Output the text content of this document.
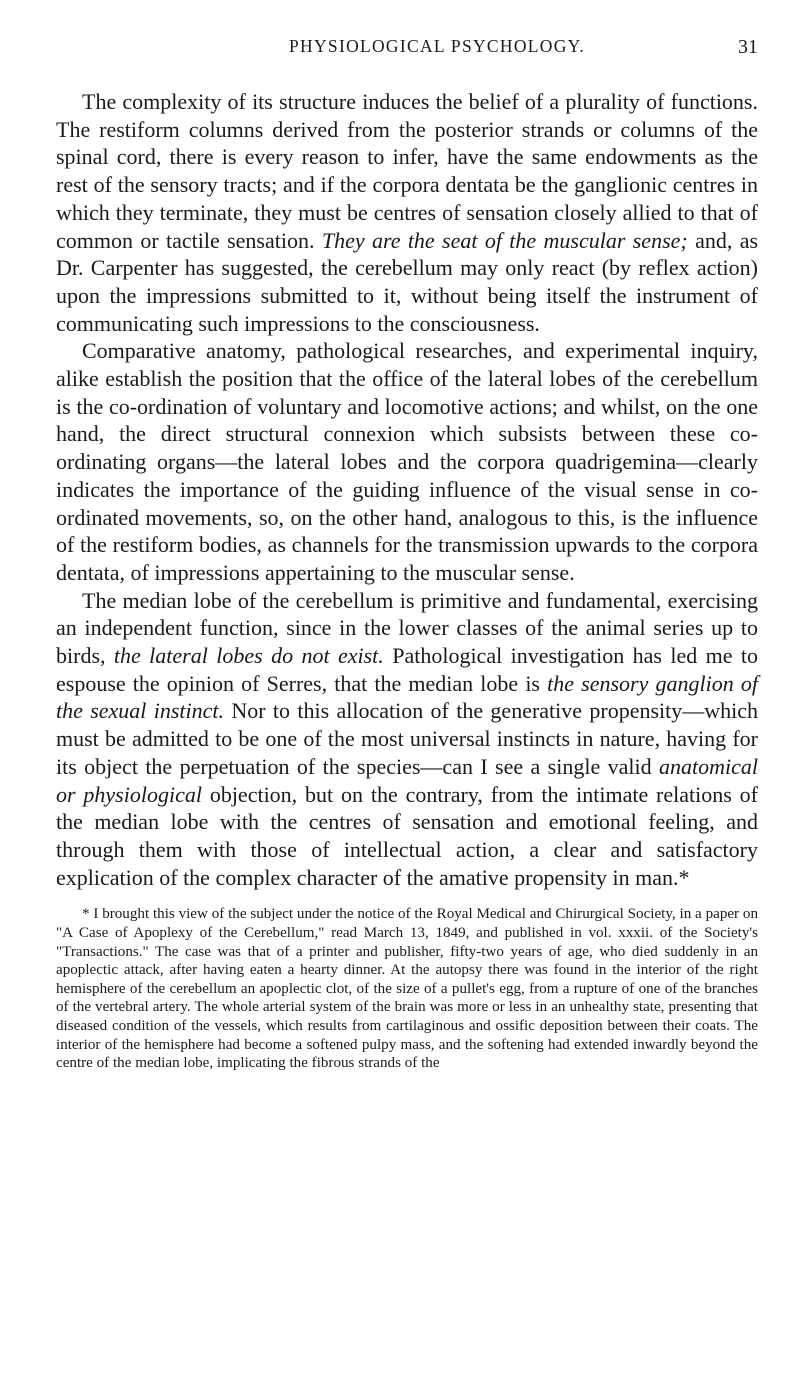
PHYSIOLOGICAL PSYCHOLOGY.	31

The complexity of its structure induces the belief of a plurality of functions. The restiform columns derived from the posterior strands or columns of the spinal cord, there is every reason to infer, have the same endowments as the rest of the sensory tracts; and if the corpora dentata be the ganglionic centres in which they terminate, they must be centres of sensation closely allied to that of common or tactile sensation. They are the seat of the muscular sense; and, as Dr. Carpenter has suggested, the cerebellum may only react (by reflex action) upon the impressions submitted to it, without being itself the instrument of communicating such impressions to the consciousness.

Comparative anatomy, pathological researches, and experimental inquiry, alike establish the position that the office of the lateral lobes of the cerebellum is the co-ordination of voluntary and locomotive actions; and whilst, on the one hand, the direct structural connexion which subsists between these co-ordinating organs—the lateral lobes and the corpora quadrigemina—clearly indicates the importance of the guiding influence of the visual sense in co-ordinated movements, so, on the other hand, analogous to this, is the influence of the restiform bodies, as channels for the transmission upwards to the corpora dentata, of impressions appertaining to the muscular sense.

The median lobe of the cerebellum is primitive and fundamental, exercising an independent function, since in the lower classes of the animal series up to birds, the lateral lobes do not exist. Pathological investigation has led me to espouse the opinion of Serres, that the median lobe is the sensory ganglion of the sexual instinct. Nor to this allocation of the generative propensity—which must be admitted to be one of the most universal instincts in nature, having for its object the perpetuation of the species—can I see a single valid anatomical or physiological objection, but on the contrary, from the intimate relations of the median lobe with the centres of sensation and emotional feeling, and through them with those of intellectual action, a clear and satisfactory explication of the complex character of the amative propensity in man.*

* I brought this view of the subject under the notice of the Royal Medical and Chirurgical Society, in a paper on "A Case of Apoplexy of the Cerebellum," read March 13, 1849, and published in vol. xxxii. of the Society's "Transactions." The case was that of a printer and publisher, fifty-two years of age, who died suddenly in an apoplectic attack, after having eaten a hearty dinner. At the autopsy there was found in the interior of the right hemisphere of the cerebellum an apoplectic clot, of the size of a pullet's egg, from a rupture of one of the branches of the vertebral artery. The whole arterial system of the brain was more or less in an unhealthy state, presenting that diseased condition of the vessels, which results from cartilaginous and ossific deposition between their coats. The interior of the hemisphere had become a softened pulpy mass, and the softening had extended inwardly beyond the centre of the median lobe, implicating the fibrous strands of the
